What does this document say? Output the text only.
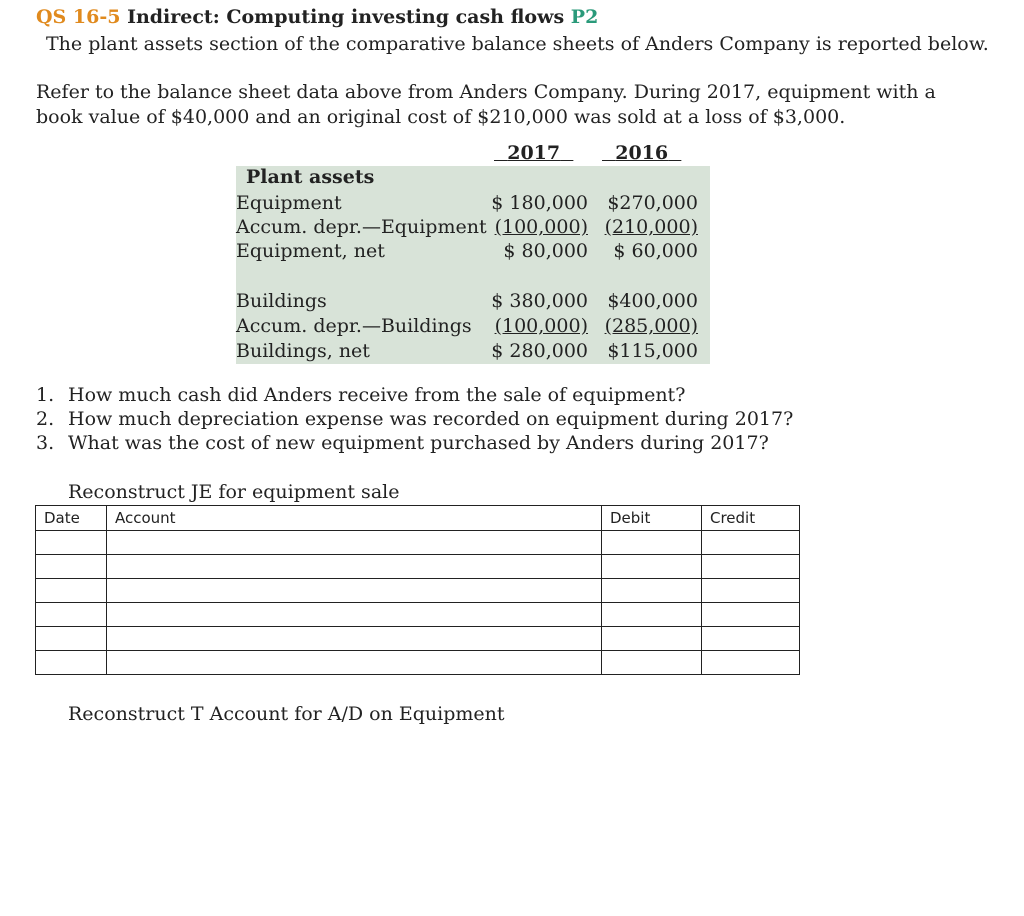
QS 16-5 Indirect: Computing investing cash flows P2
The plant assets section of the comparative balance sheets of Anders Company is reported below.
Refer to the balance sheet data above from Anders Company. During 2017, equipment with a book value of $40,000 and an original cost of $210,000 was sold at a loss of $3,000.
2017	2016
Plant assets
Equipment	$ 180,000	$270,000
Accum. depr.—Equipment (100,000) (210,000)
Equipment, net	$ 80,000	$ 60,000
Buildings	$ 380,000	$400,000
Accum. depr.—Buildings	(100,000) (285,000)
Buildings, net	$ 280,000	$115,000
1. How much cash did Anders receive from the sale of equipment?
2. How much depreciation expense was recorded on equipment during 2017?
3. What was the cost of new equipment purchased by Anders during 2017?
Reconstruct JE for equipment sale
Date	Account	Debit	Credit

Reconstruct T Account for A/D on Equipment
